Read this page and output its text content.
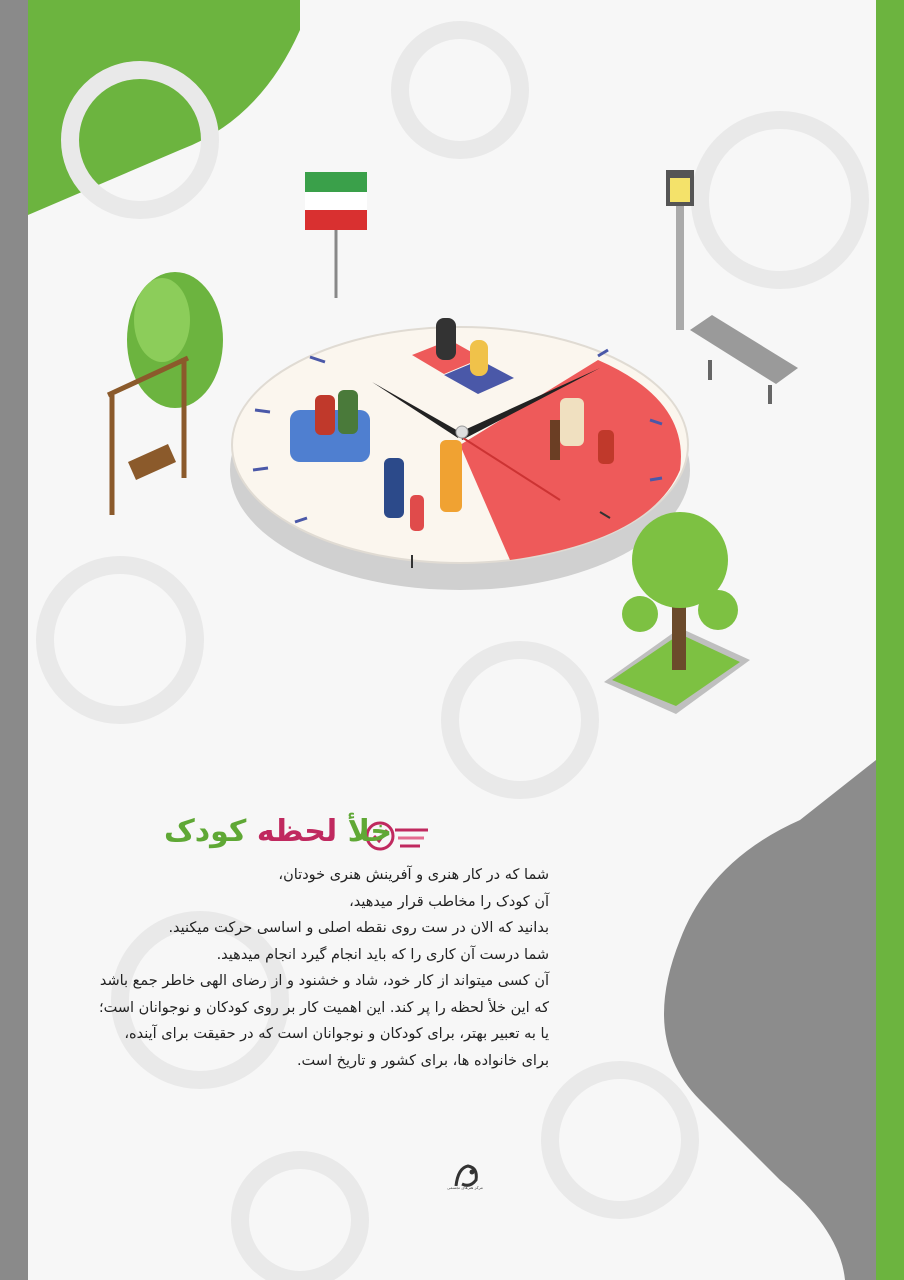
خلأ لحظه کودک
شما که در کار هنری و آفرینش هنری خودتان،
آن کودک را مخاطب قرار میدهید،
بدانید که الان در ست روی نقطه اصلی و اساسی حرکت میکنید.
شما درست آن کاری را که باید انجام گیرد انجام میدهید.
آن کسی میتواند از کار خود، شاد و خشنود و از رضای الهی خاطر جمع باشد
که این خلأ لحظه را پر کند. این اهمیت کار بر روی کودکان و نوجوانان است؛
یا به تعبیر بهتر، برای کودکان و نوجوانان است که در حقیقت برای آینده،
برای خانواده ها، برای کشور و تاریخ است.
مرکز هنرهای تجسمی
